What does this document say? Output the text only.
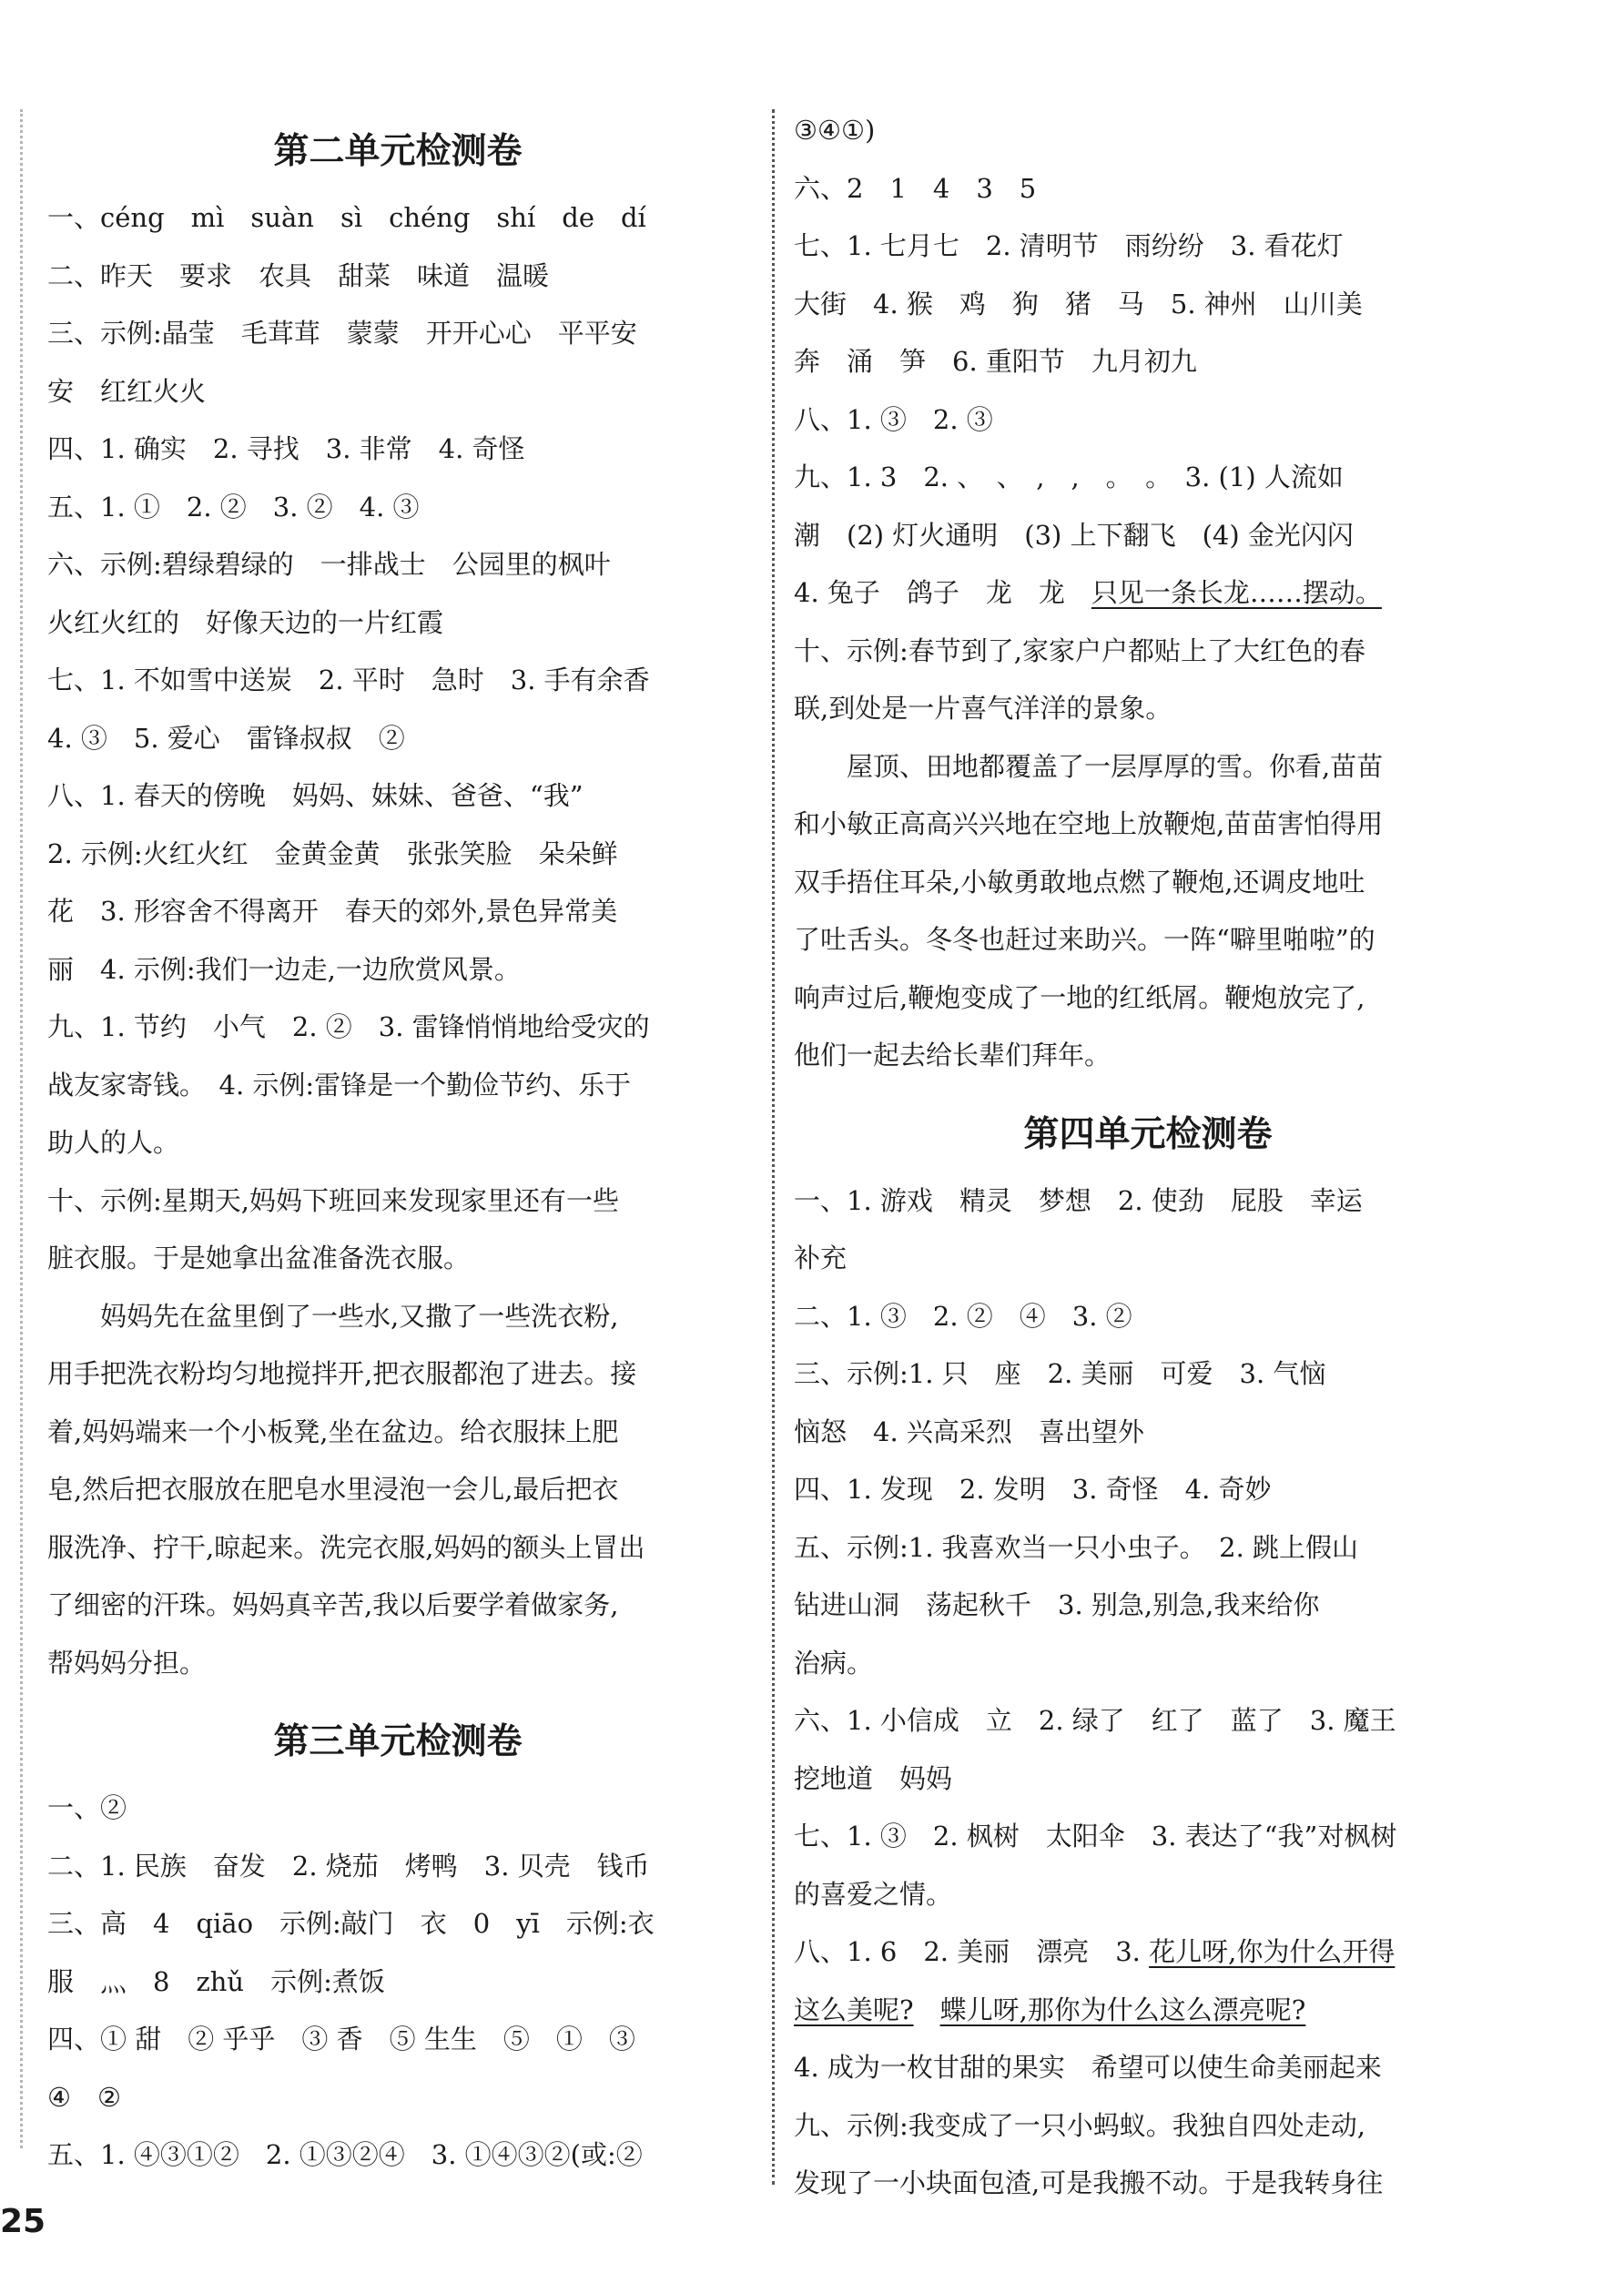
第二单元检测卷
一、céng　mì　suàn　sì　chéng　shí　de　dí
二、昨天　要求　农具　甜菜　味道　温暖
三、示例:晶莹　毛茸茸　蒙蒙　开开心心　平平安
安　红红火火
四、1. 确实　2. 寻找　3. 非常　4. 奇怪
五、1. ①　2. ②　3. ②　4. ③
六、示例:碧绿碧绿的　一排战士　公园里的枫叶
火红火红的　好像天边的一片红霞
七、1. 不如雪中送炭　2. 平时　急时　3. 手有余香
4. ③　5. 爱心　雷锋叔叔　②
八、1. 春天的傍晚　妈妈、妹妹、爸爸、“我”
2. 示例:火红火红　金黄金黄　张张笑脸　朵朵鲜
花　3. 形容舍不得离开　春天的郊外,景色异常美
丽　4. 示例:我们一边走,一边欣赏风景。
九、1. 节约　小气　2. ②　3. 雷锋悄悄地给受灾的
战友家寄钱。　4. 示例:雷锋是一个勤俭节约、乐于
助人的人。
十、示例:星期天,妈妈下班回来发现家里还有一些
脏衣服。于是她拿出盆准备洗衣服。
　　妈妈先在盆里倒了一些水,又撒了一些洗衣粉,
用手把洗衣粉均匀地搅拌开,把衣服都泡了进去。接
着,妈妈端来一个小板凳,坐在盆边。给衣服抹上肥
皂,然后把衣服放在肥皂水里浸泡一会儿,最后把衣
服洗净、拧干,晾起来。洗完衣服,妈妈的额头上冒出
了细密的汗珠。妈妈真辛苦,我以后要学着做家务,
帮妈妈分担。
第三单元检测卷
一、②
二、1. 民族　奋发　2. 烧茄　烤鸭　3. 贝壳　钱币
三、高　4　qiāo　示例:敲门　衣　0　yī　示例:衣
服　灬　8　zhǔ　示例:煮饭
四、① 甜　② 乎乎　③ 香　⑤ 生生　⑤　①　③
④　②
五、1. ④③①②　2. ①③②④　3. ①④③②(或:②
③④①)
六、2　1　4　3　5
七、1. 七月七　2. 清明节　雨纷纷　3. 看花灯
大街　4. 猴　鸡　狗　猪　马　5. 神州　山川美
奔　涌　笋　6. 重阳节　九月初九
八、1. ③　2. ③
九、1. 3　2. 、　、　,　,　。　。　3. (1) 人流如
潮　(2) 灯火通明　(3) 上下翻飞　(4) 金光闪闪
4. 兔子　鸽子　龙　龙　只见一条长龙……摆动。
十、示例:春节到了,家家户户都贴上了大红色的春
联,到处是一片喜气洋洋的景象。
　　屋顶、田地都覆盖了一层厚厚的雪。你看,苗苗
和小敏正高高兴兴地在空地上放鞭炮,苗苗害怕得用
双手捂住耳朵,小敏勇敢地点燃了鞭炮,还调皮地吐
了吐舌头。冬冬也赶过来助兴。一阵“噼里啪啦”的
响声过后,鞭炮变成了一地的红纸屑。鞭炮放完了,
他们一起去给长辈们拜年。
第四单元检测卷
一、1. 游戏　精灵　梦想　2. 使劲　屁股　幸运
补充
二、1. ③　2. ②　④　3. ②
三、示例:1. 只　座　2. 美丽　可爱　3. 气恼
恼怒　4. 兴高采烈　喜出望外
四、1. 发现　2. 发明　3. 奇怪　4. 奇妙
五、示例:1. 我喜欢当一只小虫子。　2. 跳上假山
钻进山洞　荡起秋千　3. 别急,别急,我来给你
治病。
六、1. 小信成　立　2. 绿了　红了　蓝了　3. 魔王
挖地道　妈妈
七、1. ③　2. 枫树　太阳伞　3. 表达了“我”对枫树
的喜爱之情。
八、1. 6　2. 美丽　漂亮　3. 花儿呀,你为什么开得
这么美呢?　 蝶儿呀,那你为什么这么漂亮呢?
4. 成为一枚甘甜的果实　希望可以使生命美丽起来
九、示例:我变成了一只小蚂蚁。我独自四处走动,
发现了一小块面包渣,可是我搬不动。于是我转身往
25
